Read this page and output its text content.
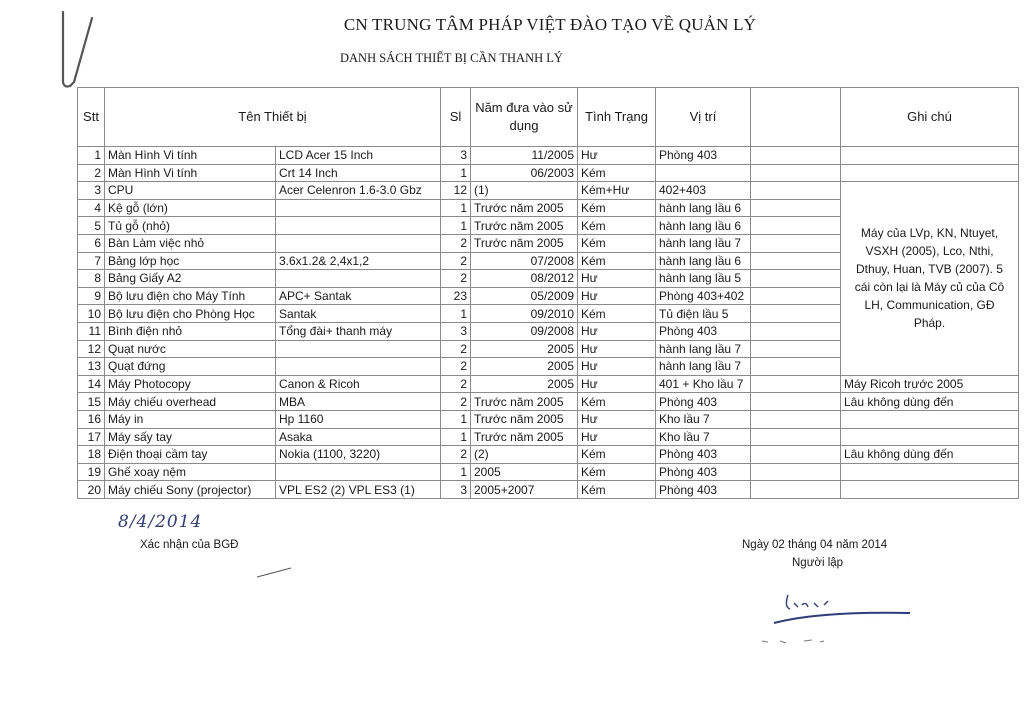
CN TRUNG TÂM PHÁP VIỆT ĐÀO TẠO VỀ QUẢN LÝ
DANH SÁCH THIẾT BỊ CẦN THANH LÝ
Stt	Tên Thiết bị		Sl	Năm đưa vào sử dụng	Tình Trạng	Vị trí		Ghi chú
1	Màn Hình Vi tính	LCD Acer 15 Inch	3	11/2005	Hư	Phòng 403		
2	Màn Hình Vi tính	Crt 14 Inch	1	06/2003	Kém			
3	CPU	Acer Celenron 1.6-3.0 Gbz	12	(1)	Kém+Hư	402+403		Máy của LVp, KN, Ntuyet, VSXH (2005), Lco, Nthi, Dthuy, Huan, TVB (2007). 5 cái còn lại là Máy củ của Cô LH, Communication, GĐ Pháp.
4	Kệ gỗ (lớn)		1	Trước năm 2005	Kém	hành lang lầu 6		
5	Tủ gỗ (nhỏ)		1	Trước năm 2005	Kém	hành lang lầu 6		
6	Bàn Làm việc nhỏ		2	Trước năm 2005	Kém	hành lang lầu 7		
7	Bảng lớp học	3.6x1.2& 2,4x1,2	2	07/2008	Kém	hành lang lầu 6		
8	Bảng Giấy A2		2	08/2012	Hư	hành lang lầu 5		
9	Bộ lưu điện cho Máy Tính	APC+ Santak	23	05/2009	Hư	Phòng 403+402		
10	Bộ lưu điện cho Phòng Học	Santak	1	09/2010	Kém	Tủ điện lầu 5		
11	Bình điện nhỏ	Tổng đài+ thanh máy	3	09/2008	Hư	Phòng 403		
12	Quạt nước		2	2005	Hư	hành lang lầu 7		
13	Quạt đứng		2	2005	Hư	hành lang lầu 7		
14	Máy Photocopy	Canon & Ricoh	2	2005	Hư	401 + Kho lầu 7		Máy Ricoh trước 2005
15	Máy chiếu overhead	MBA	2	Trước năm 2005	Kém	Phòng 403		Lâu không dùng đến
16	Máy in	Hp 1160	1	Trước năm 2005	Hư	Kho lầu 7		
17	Máy sấy tay	Asaka	1	Trước năm 2005	Hư	Kho lầu 7		
18	Điện thoại cầm tay	Nokia (1100, 3220)	2	(2)	Kém	Phòng 403		Lâu không dùng đến
19	Ghế xoay nệm		1	2005	Kém	Phòng 403		
20	Máy chiếu Sony (projector)	VPL ES2 (2) VPL ES3 (1)	3	2005+2007	Kém	Phòng 403		
8/4/2014
Xác nhận của BGĐ	Ngày 02 tháng 04 năm 2014
Người lập
